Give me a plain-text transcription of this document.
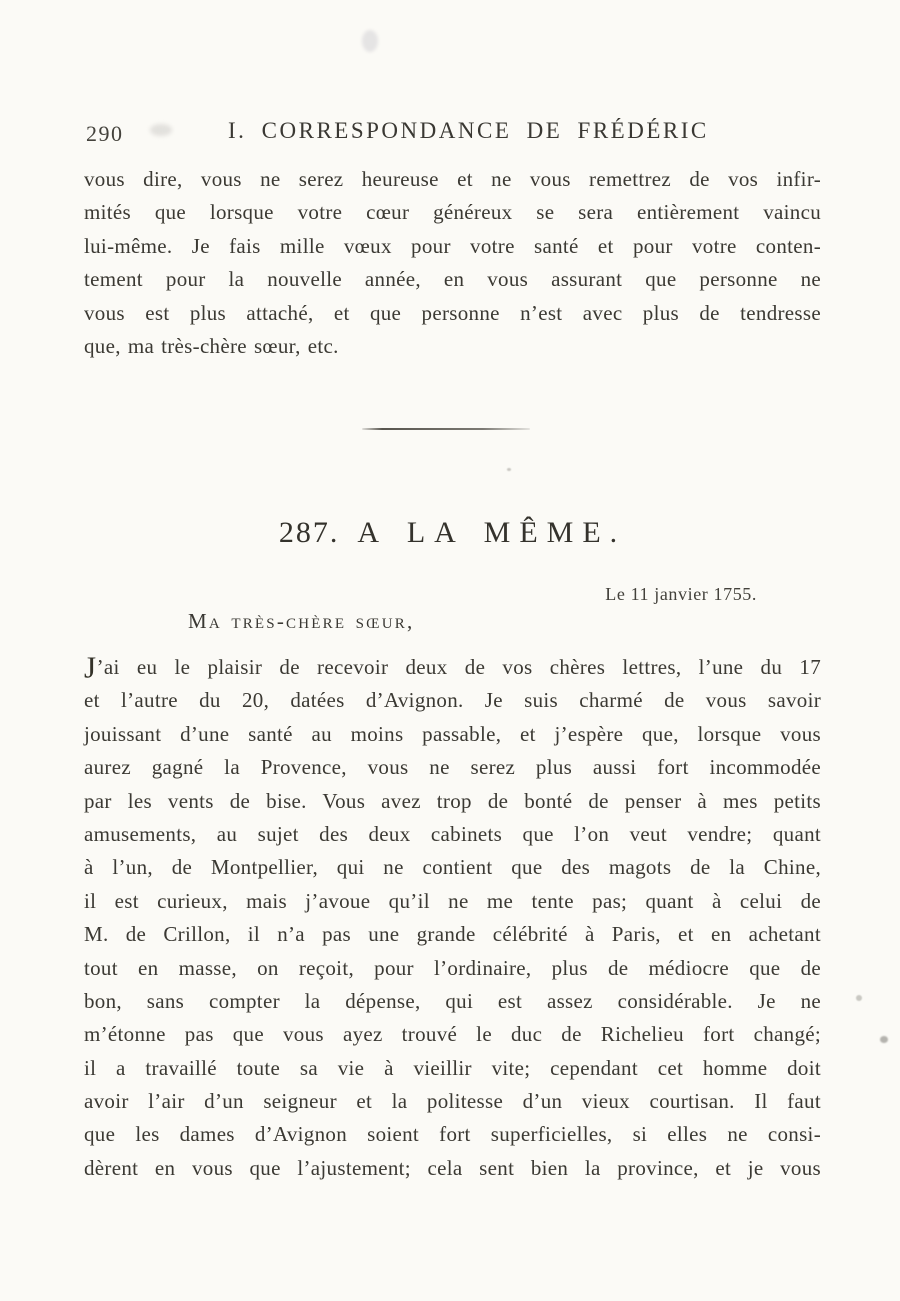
290	I. CORRESPONDANCE DE FRÉDÉRIC
vous dire, vous ne serez heureuse et ne vous remettrez de vos infir-
mités que lorsque votre cœur généreux se sera entièrement vaincu
lui-même. Je fais mille vœux pour votre santé et pour votre conten-
tement pour la nouvelle année, en vous assurant que personne ne
vous est plus attaché, et que personne n’est avec plus de tendresse
que, ma très-chère sœur, etc.
287. A LA MÊME.
Le 11 janvier 1755.
Ma très-chère sœur,
J’ai eu le plaisir de recevoir deux de vos chères lettres, l’une du 17
et l’autre du 20, datées d’Avignon. Je suis charmé de vous savoir
jouissant d’une santé au moins passable, et j’espère que, lorsque vous
aurez gagné la Provence, vous ne serez plus aussi fort incommodée
par les vents de bise. Vous avez trop de bonté de penser à mes petits
amusements, au sujet des deux cabinets que l’on veut vendre; quant
à l’un, de Montpellier, qui ne contient que des magots de la Chine,
il est curieux, mais j’avoue qu’il ne me tente pas; quant à celui de
M. de Crillon, il n’a pas une grande célébrité à Paris, et en achetant
tout en masse, on reçoit, pour l’ordinaire, plus de médiocre que de
bon, sans compter la dépense, qui est assez considérable. Je ne
m’étonne pas que vous ayez trouvé le duc de Richelieu fort changé;
il a travaillé toute sa vie à vieillir vite; cependant cet homme doit
avoir l’air d’un seigneur et la politesse d’un vieux courtisan. Il faut
que les dames d’Avignon soient fort superficielles, si elles ne consi-
dèrent en vous que l’ajustement; cela sent bien la province, et je vous
